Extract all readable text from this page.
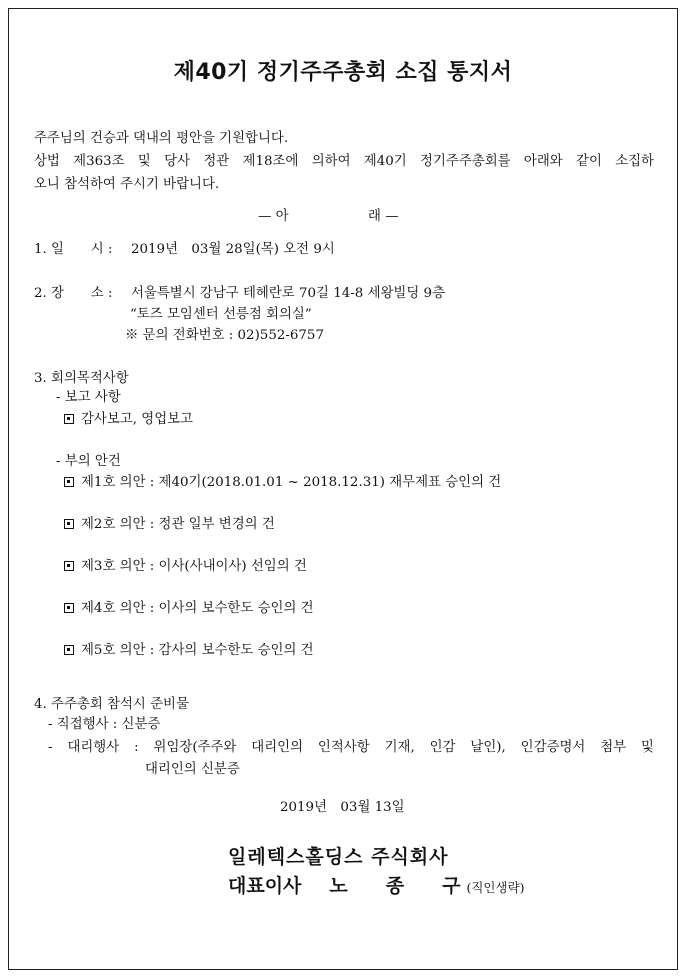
제40기 정기주주총회 소집 통지서
주주님의 건승과 댁내의 평안을 기원합니다.
상법 제363조 및 당사 정관 제18조에 의하여 제40기 정기주주총회를 아래와 같이 소집하
오니 참석하여 주시기 바랍니다.
— 아	래 —
1. 일　　시 : 2019년　03월 28일(목) 오전 9시
2. 장　　소 : 서울특별시 강남구 테헤란로 70길 14-8 세왕빌딩 9층
“토즈 모임센터 선릉점 회의실”
※ 문의 전화번호 : 02)552-6757
3. 회의목적사항
- 보고 사항
감사보고, 영업보고
- 부의 안건
제1호 의안 : 제40기(2018.01.01 ~ 2018.12.31) 재무제표 승인의 건
제2호 의안 : 정관 일부 변경의 건
제3호 의안 : 이사(사내이사) 선임의 건
제4호 의안 : 이사의 보수한도 승인의 건
제5호 의안 : 감사의 보수한도 승인의 건
4. 주주총회 참석시 준비물
- 직접행사 : 신분증
- 대리행사 : 위임장(주주와 대리인의 인적사항 기재, 인감 날인), 인감증명서 첨부 및
대리인의 신분증
2019년　03월 13일
일레텍스홀딩스 주식회사
대표이사 노　　종　　구 (직인생략)
